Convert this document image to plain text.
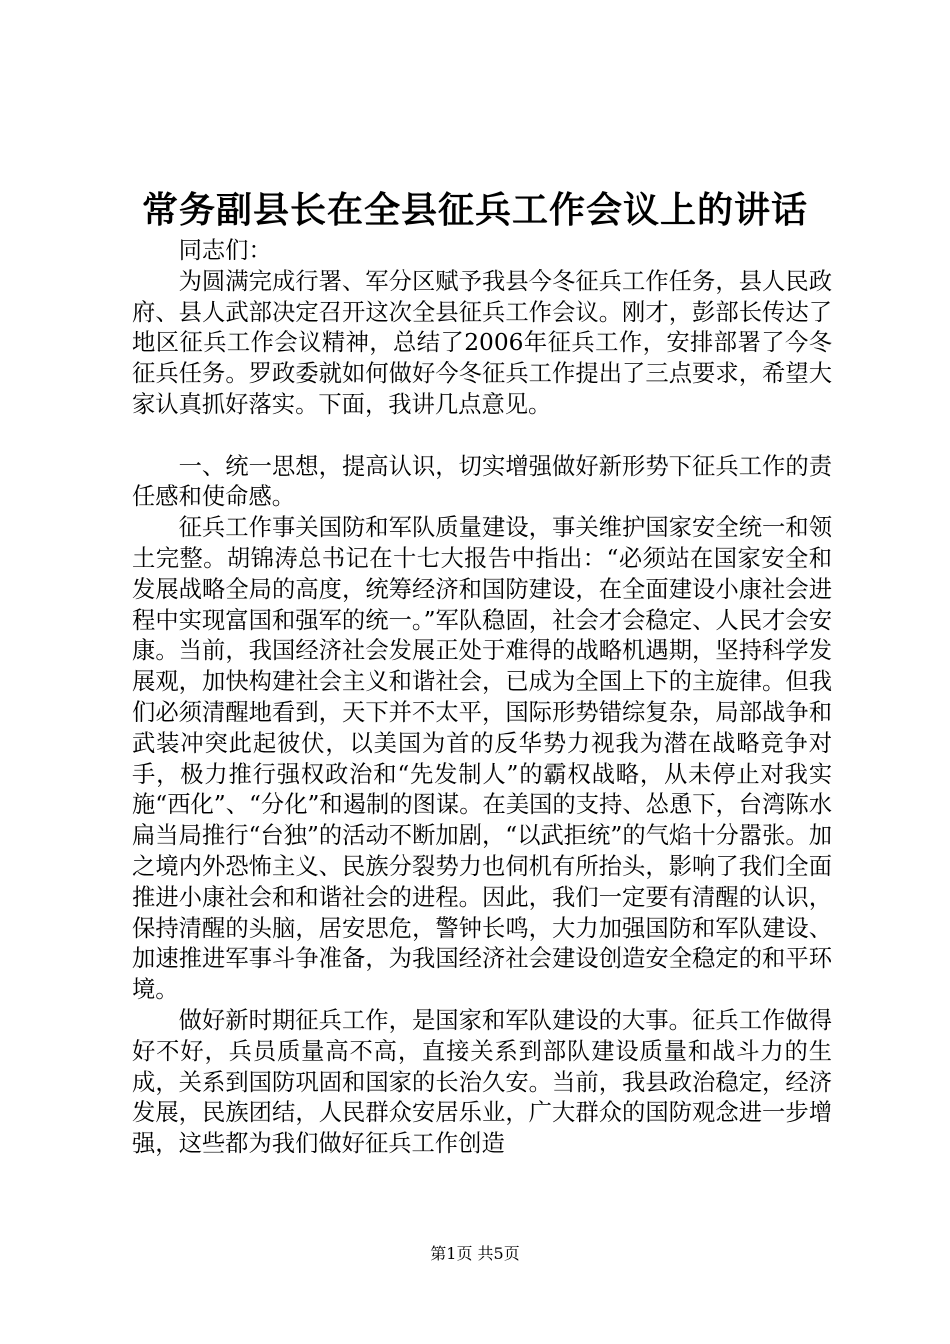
常务副县长在全县征兵工作会议上的讲话

同志们：

为圆满完成行署、军分区赋予我县今冬征兵工作任务，县人民政府、县人武部决定召开这次全县征兵工作会议。刚才，彭部长传达了地区征兵工作会议精神，总结了2006年征兵工作，安排部署了今冬征兵任务。罗政委就如何做好今冬征兵工作提出了三点要求，希望大家认真抓好落实。下面，我讲几点意见。

一、统一思想，提高认识，切实增强做好新形势下征兵工作的责任感和使命感。

征兵工作事关国防和军队质量建设，事关维护国家安全统一和领土完整。胡锦涛总书记在十七大报告中指出：“必须站在国家安全和发展战略全局的高度，统筹经济和国防建设，在全面建设小康社会进程中实现富国和强军的统一。”军队稳固，社会才会稳定、人民才会安康。当前，我国经济社会发展正处于难得的战略机遇期，坚持科学发展观，加快构建社会主义和谐社会，已成为全国上下的主旋律。但我们必须清醒地看到，天下并不太平，国际形势错综复杂，局部战争和武装冲突此起彼伏，以美国为首的反华势力视我为潜在战略竞争对手，极力推行强权政治和“先发制人”的霸权战略，从未停止对我实施“西化”、“分化”和遏制的图谋。在美国的支持、怂恿下，台湾陈水扁当局推行“台独”的活动不断加剧，“以武拒统”的气焰十分嚣张。加之境内外恐怖主义、民族分裂势力也伺机有所抬头，影响了我们全面推进小康社会和和谐社会的进程。因此，我们一定要有清醒的认识，保持清醒的头脑，居安思危，警钟长鸣，大力加强国防和军队建设、加速推进军事斗争准备，为我国经济社会建设创造安全稳定的和平环境。

做好新时期征兵工作，是国家和军队建设的大事。征兵工作做得好不好，兵员质量高不高，直接关系到部队建设质量和战斗力的生成，关系到国防巩固和国家的长治久安。当前，我县政治稳定，经济发展，民族团结，人民群众安居乐业，广大群众的国防观念进一步增强，这些都为我们做好征兵工作创造

第1页 共5页
